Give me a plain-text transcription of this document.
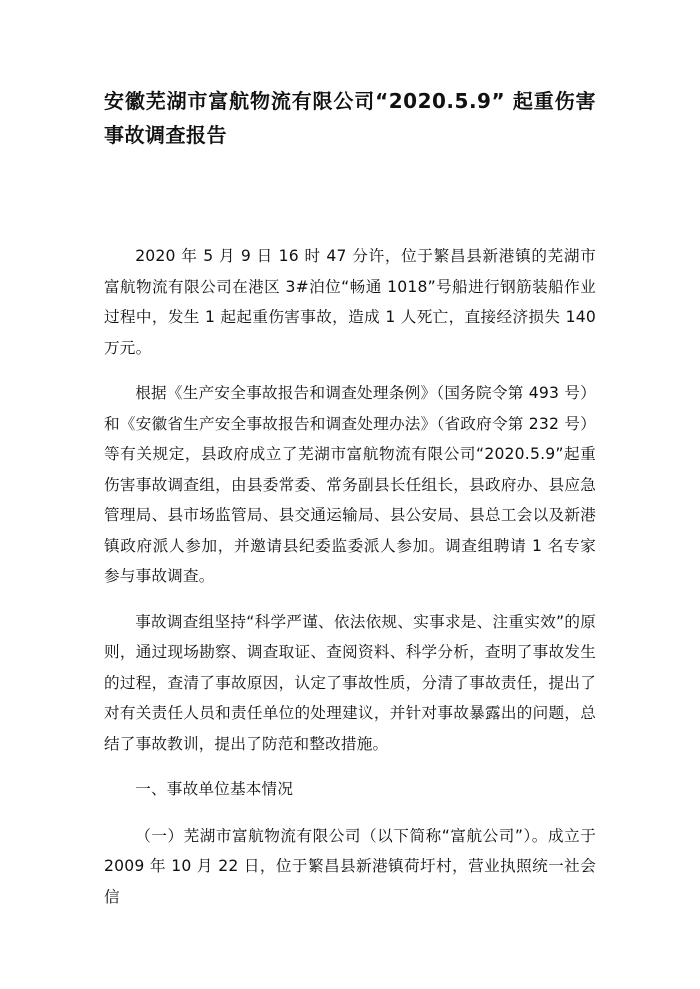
安徽芜湖市富航物流有限公司“2020.5.9” 起重伤害事故调查报告

2020 年 5 月 9 日 16 时 47 分许，位于繁昌县新港镇的芜湖市富航物流有限公司在港区 3#泊位“畅通 1018”号船进行钢筋装船作业过程中，发生 1 起起重伤害事故，造成 1 人死亡，直接经济损失 140 万元。

根据《生产安全事故报告和调查处理条例》（国务院令第 493 号）和《安徽省生产安全事故报告和调查处理办法》（省政府令第 232 号）等有关规定，县政府成立了芜湖市富航物流有限公司“2020.5.9”起重伤害事故调查组，由县委常委、常务副县长任组长，县政府办、县应急管理局、县市场监管局、县交通运输局、县公安局、县总工会以及新港镇政府派人参加，并邀请县纪委监委派人参加。调查组聘请 1 名专家参与事故调查。

事故调查组坚持“科学严谨、依法依规、实事求是、注重实效”的原则，通过现场勘察、调查取证、查阅资料、科学分析，查明了事故发生的过程，查清了事故原因，认定了事故性质，分清了事故责任，提出了对有关责任人员和责任单位的处理建议，并针对事故暴露出的问题，总结了事故教训，提出了防范和整改措施。

一、事故单位基本情况

（一）芜湖市富航物流有限公司（以下简称“富航公司”）。成立于 2009 年 10 月 22 日，位于繁昌县新港镇荷圩村，营业执照统一社会信
